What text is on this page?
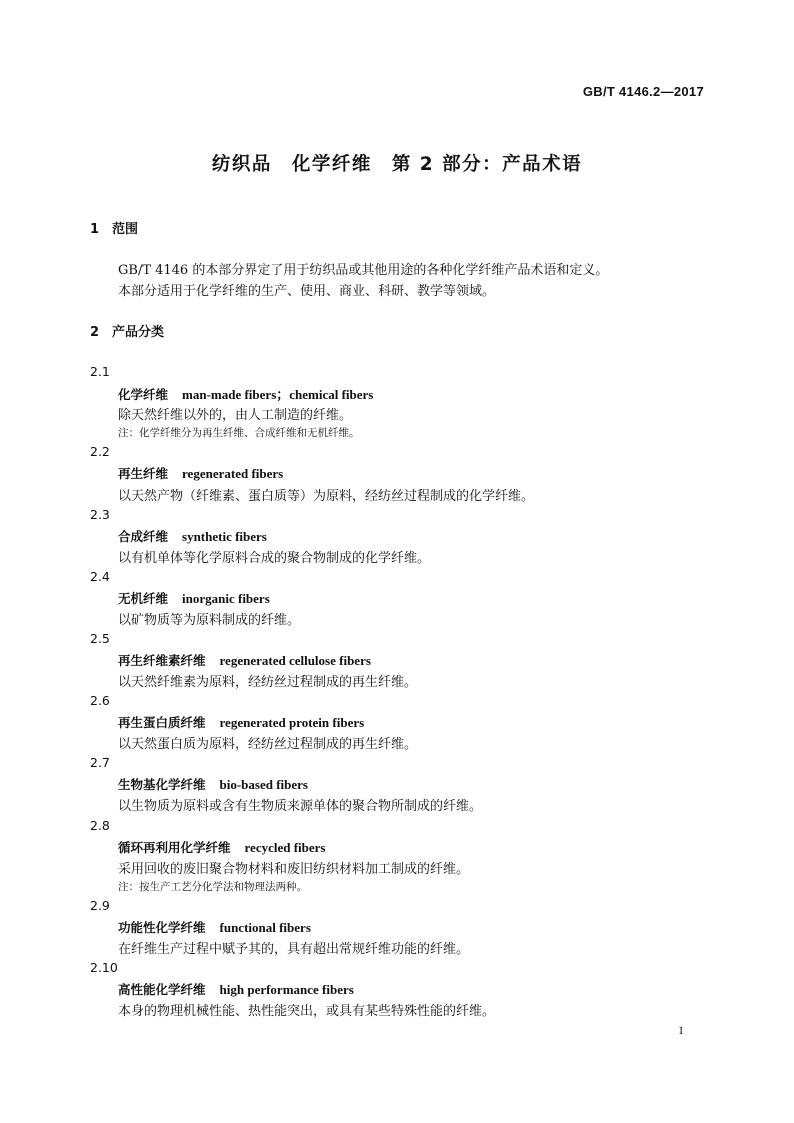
GB/T 4146.2—2017
纺织品　化学纤维　第 2 部分：产品术语
1 范围
GB/T 4146 的本部分界定了用于纺织品或其他用途的各种化学纤维产品术语和定义。
本部分适用于化学纤维的生产、使用、商业、科研、教学等领域。
2 产品分类
2.1
化学纤维 man-made fibers；chemical fibers
除天然纤维以外的，由人工制造的纤维。
注：化学纤维分为再生纤维、合成纤维和无机纤维。
2.2
再生纤维 regenerated fibers
以天然产物（纤维素、蛋白质等）为原料，经纺丝过程制成的化学纤维。
2.3
合成纤维 synthetic fibers
以有机单体等化学原料合成的聚合物制成的化学纤维。
2.4
无机纤维 inorganic fibers
以矿物质等为原料制成的纤维。
2.5
再生纤维素纤维 regenerated cellulose fibers
以天然纤维素为原料，经纺丝过程制成的再生纤维。
2.6
再生蛋白质纤维 regenerated protein fibers
以天然蛋白质为原料，经纺丝过程制成的再生纤维。
2.7
生物基化学纤维 bio-based fibers
以生物质为原料或含有生物质来源单体的聚合物所制成的纤维。
2.8
循环再利用化学纤维 recycled fibers
采用回收的废旧聚合物材料和废旧纺织材料加工制成的纤维。
注：按生产工艺分化学法和物理法两种。
2.9
功能性化学纤维 functional fibers
在纤维生产过程中赋予其的，具有超出常规纤维功能的纤维。
2.10
高性能化学纤维 high performance fibers
本身的物理机械性能、热性能突出，或具有某些特殊性能的纤维。
1
